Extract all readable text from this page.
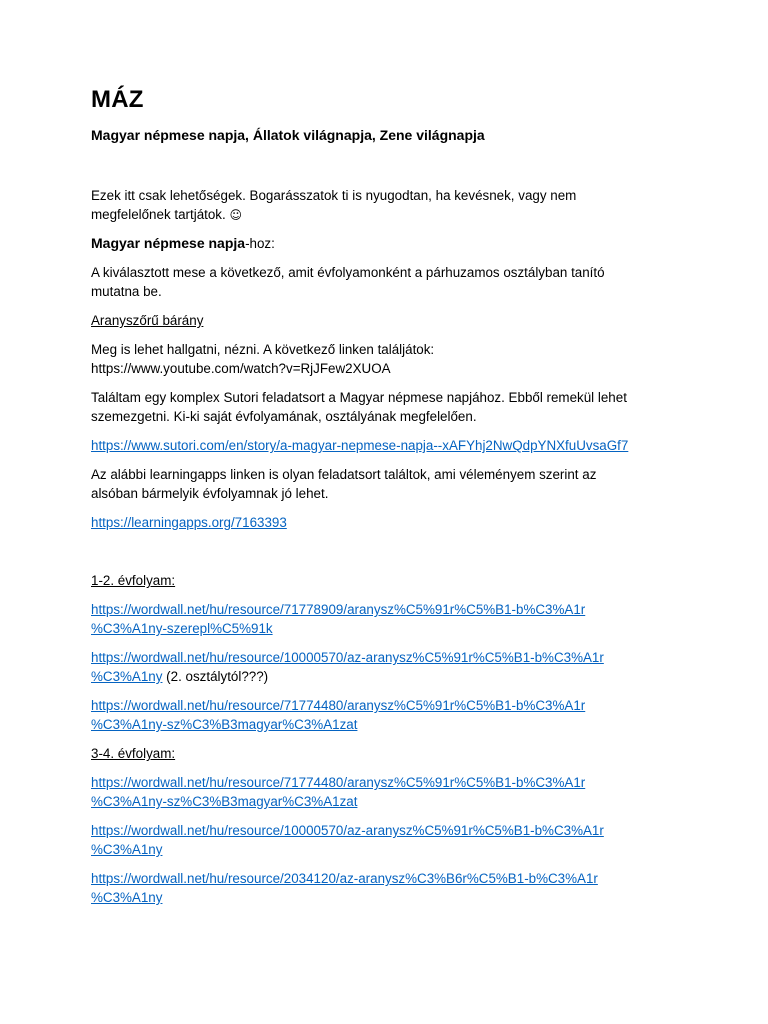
MÁZ
Magyar népmese napja, Állatok világnapja, Zene világnapja
Ezek itt csak lehetőségek. Bogarásszatok ti is nyugodtan, ha kevésnek, vagy nem
megfelelőnek tartjátok. ☺
Magyar népmese napja-hoz:
A kiválasztott mese a következő, amit évfolyamonként a párhuzamos osztályban tanító
mutatna be.
Aranyszőrű bárány
Meg is lehet hallgatni, nézni. A következő linken találjátok:
https://www.youtube.com/watch?v=RjJFew2XUOA
Találtam egy komplex Sutori feladatsort a Magyar népmese napjához. Ebből remekül lehet
szemezgetni. Ki-ki saját évfolyamának, osztályának megfelelően.
https://www.sutori.com/en/story/a-magyar-nepmese-napja--xAFYhj2NwQdpYNXfuUvsaGf7
Az alábbi learningapps linken is olyan feladatsort találtok, ami véleményem szerint az
alsóban bármelyik évfolyamnak jó lehet.
https://learningapps.org/7163393
1-2. évfolyam:
https://wordwall.net/hu/resource/71778909/aranysz%C5%91r%C5%B1-b%C3%A1r
%C3%A1ny-szerepl%C5%91k
https://wordwall.net/hu/resource/10000570/az-aranysz%C5%91r%C5%B1-b%C3%A1r
%C3%A1ny (2. osztálytól???)
https://wordwall.net/hu/resource/71774480/aranysz%C5%91r%C5%B1-b%C3%A1r
%C3%A1ny-sz%C3%B3magyar%C3%A1zat
3-4. évfolyam:
https://wordwall.net/hu/resource/71774480/aranysz%C5%91r%C5%B1-b%C3%A1r
%C3%A1ny-sz%C3%B3magyar%C3%A1zat
https://wordwall.net/hu/resource/10000570/az-aranysz%C5%91r%C5%B1-b%C3%A1r
%C3%A1ny
https://wordwall.net/hu/resource/2034120/az-aranysz%C3%B6r%C5%B1-b%C3%A1r
%C3%A1ny
